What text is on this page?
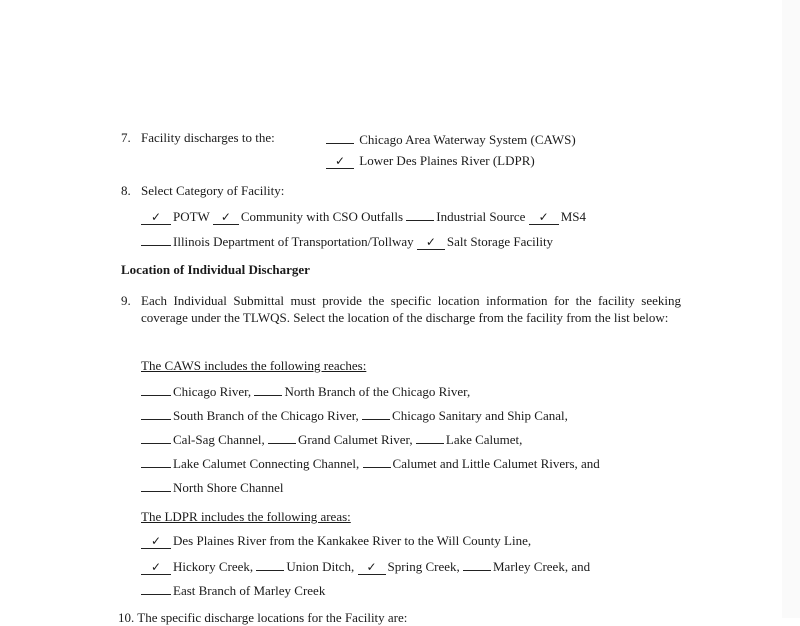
7. Facility discharges to the:	Chicago Area Waterway System (CAWS)
✓ Lower Des Plaines River (LDPR)
8. Select Category of Facility:
✓ POTW ✓ Community with CSO Outfalls	Industrial Source ✓ MS4
Illinois Department of Transportation/Tollway ✓ Salt Storage Facility
Location of Individual Discharger
9. Each Individual Submittal must provide the specific location information for the facility seeking coverage under the TLWQS. Select the location of the discharge from the facility from the list below:
The CAWS includes the following reaches:
Chicago River,	North Branch of the Chicago River,
South Branch of the Chicago River,	Chicago Sanitary and Ship Canal,
Cal-Sag Channel,	Grand Calumet River,	Lake Calumet,
Lake Calumet Connecting Channel,	Calumet and Little Calumet Rivers, and
North Shore Channel
The LDPR includes the following areas:
✓ Des Plaines River from the Kankakee River to the Will County Line,
✓ Hickory Creek,	Union Ditch, ✓ Spring Creek,	Marley Creek, and
East Branch of Marley Creek
10. The specific discharge locations for the Facility are:
